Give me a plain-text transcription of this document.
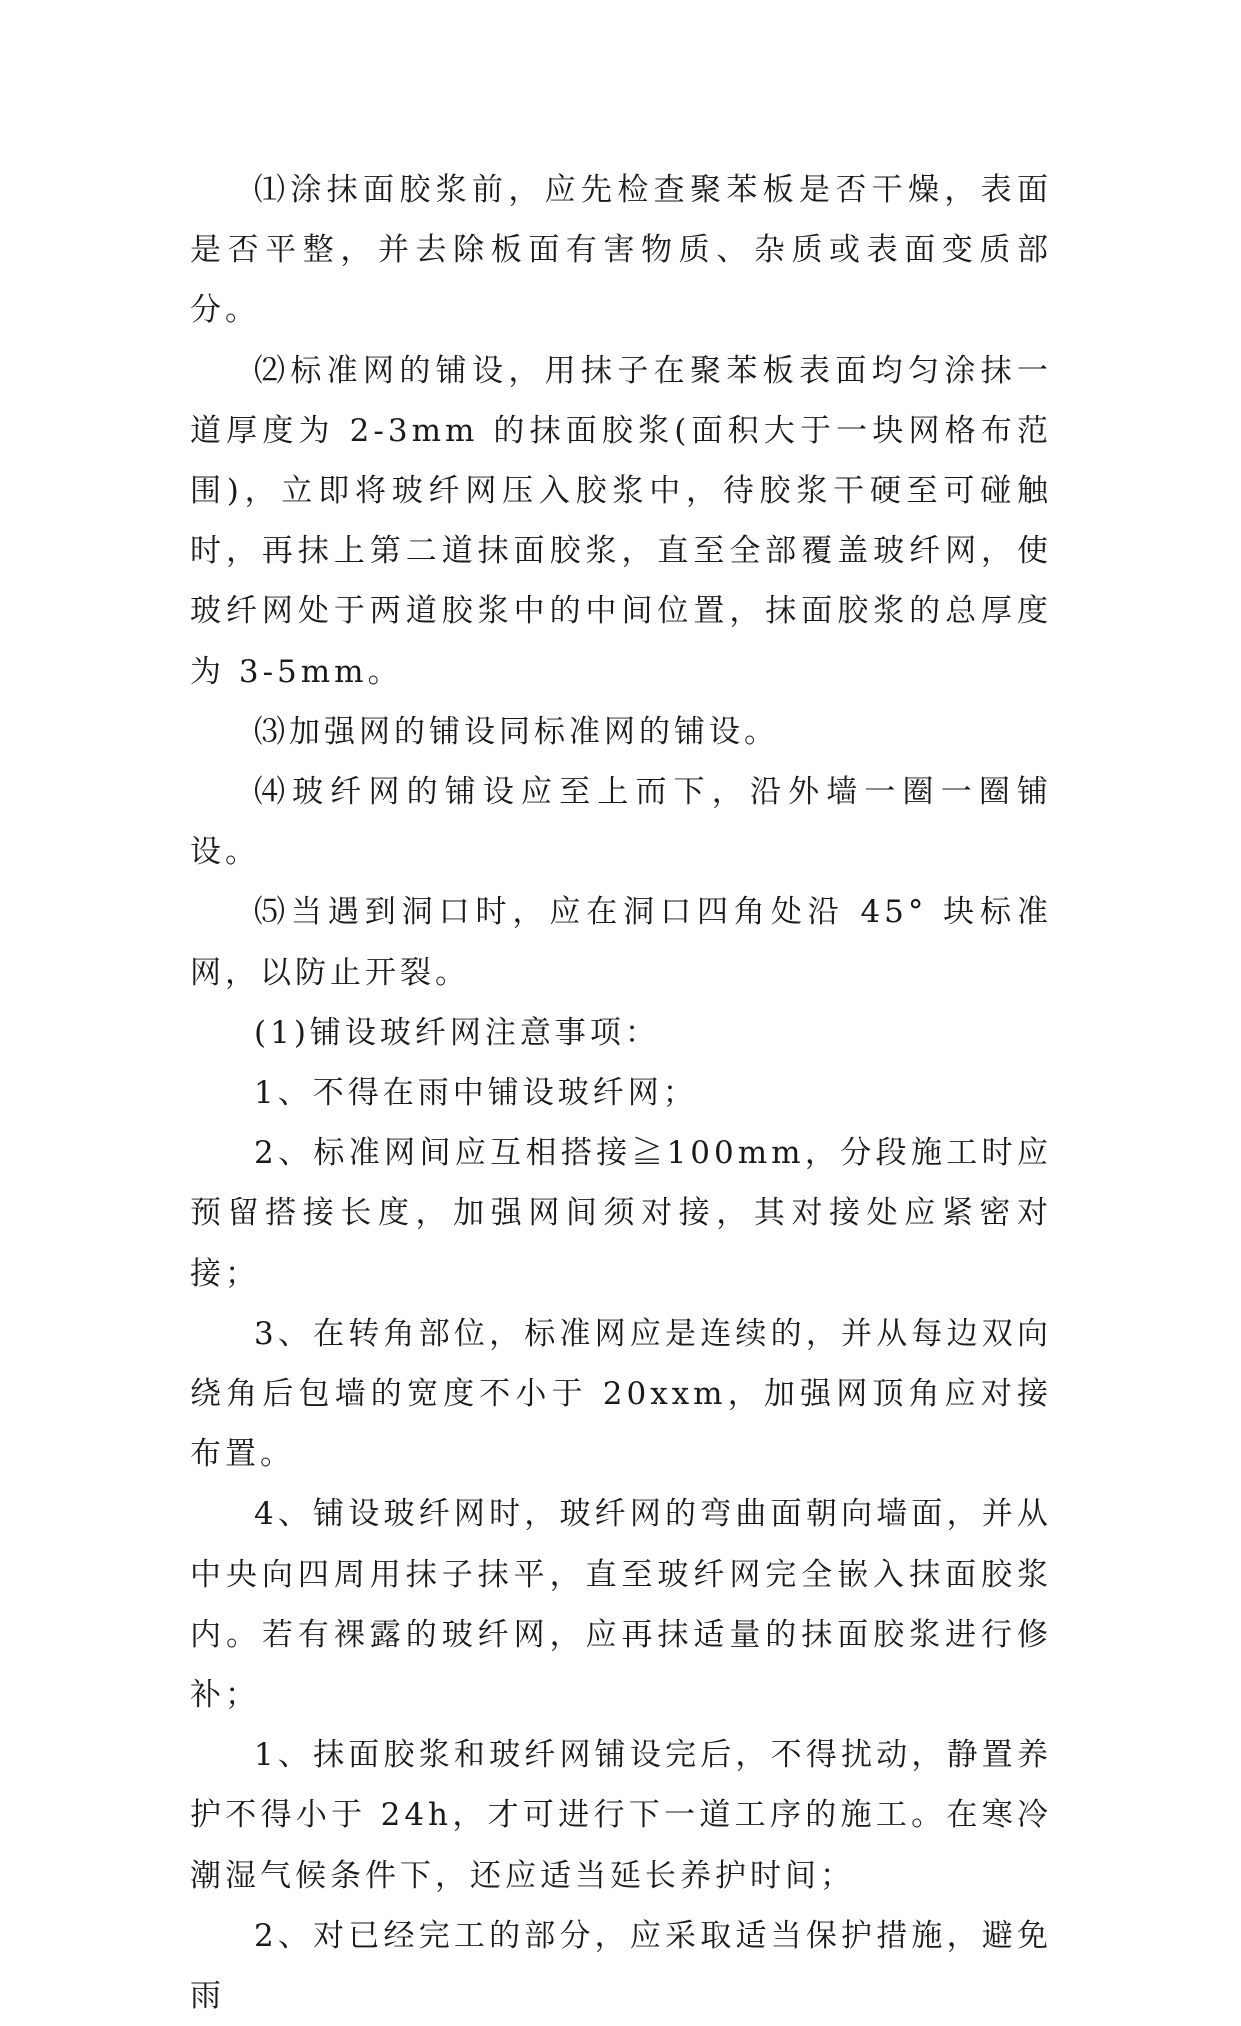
⑴涂抹面胶浆前，应先检查聚苯板是否干燥，表面是否平整，并去除板面有害物质、杂质或表面变质部分。

⑵标准网的铺设，用抹子在聚苯板表面均匀涂抹一道厚度为 2-3mm 的抹面胶浆(面积大于一块网格布范围)，立即将玻纤网压入胶浆中，待胶浆干硬至可碰触时，再抹上第二道抹面胶浆，直至全部覆盖玻纤网，使玻纤网处于两道胶浆中的中间位置，抹面胶浆的总厚度为 3-5mm。

⑶加强网的铺设同标准网的铺设。

⑷玻纤网的铺设应至上而下，沿外墙一圈一圈铺设。

⑸当遇到洞口时，应在洞口四角处沿 45° 块标准网，以防止开裂。

(1)铺设玻纤网注意事项：

1、不得在雨中铺设玻纤网；

2、标准网间应互相搭接≧100mm，分段施工时应预留搭接长度，加强网间须对接，其对接处应紧密对接；

3、在转角部位，标准网应是连续的，并从每边双向绕角后包墙的宽度不小于 20xxm，加强网顶角应对接布置。

4、铺设玻纤网时，玻纤网的弯曲面朝向墙面，并从中央向四周用抹子抹平，直至玻纤网完全嵌入抹面胶浆内。若有裸露的玻纤网，应再抹适量的抹面胶浆进行修补；

1、抹面胶浆和玻纤网铺设完后，不得扰动，静置养护不得小于 24h，才可进行下一道工序的施工。在寒冷潮湿气候条件下，还应适当延长养护时间；

2、对已经完工的部分，应采取适当保护措施，避免雨
